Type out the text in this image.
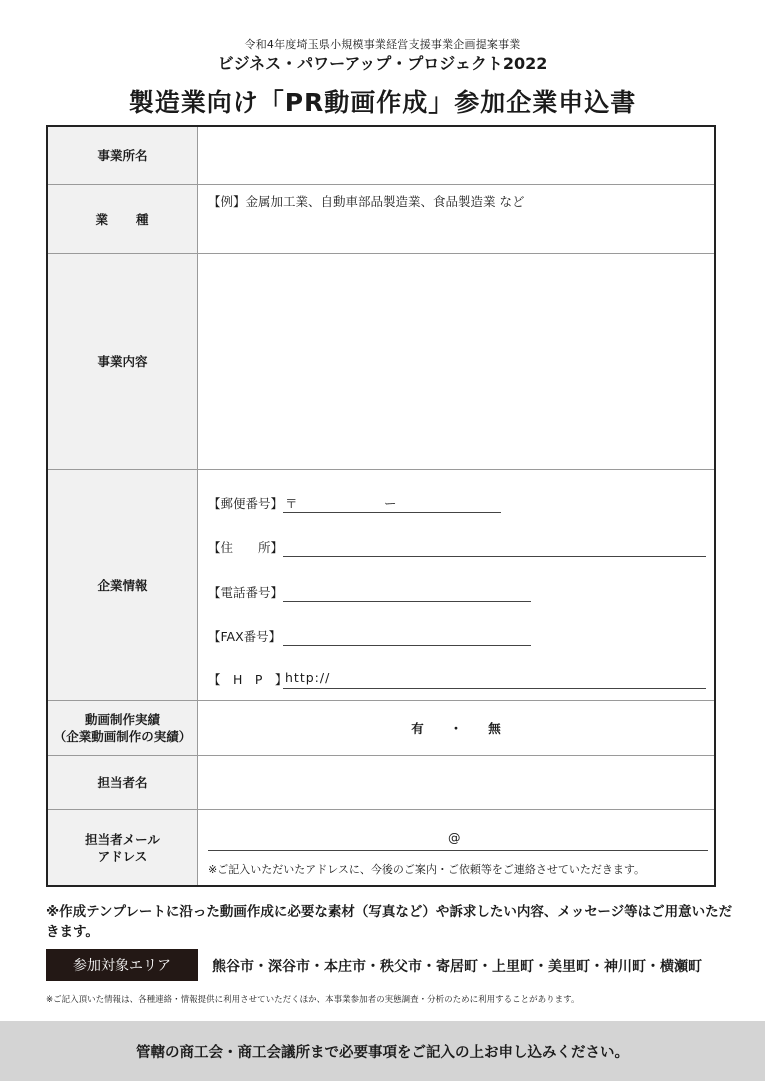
令和4年度埼玉県小規模事業経営支援事業企画提案事業
ビジネス・パワーアップ・プロジェクト2022
製造業向け「PR動画作成」参加企業申込書
事業所名
業　　種
【例】金属加工業、自動車部品製造業、食品製造業 など
事業内容
企業情報
【郵便番号】 〒	ー
【住　　所】
【電話番号】
【FAX番号】
【　H　P　】
http://
動画制作実績
（企業動画制作の実績）
有 ・ 無
担当者名
担当者メール
アドレス
@
※ご記入いただいたアドレスに、今後のご案内・ご依頼等をご連絡させていただきます。
※作成テンプレートに沿った動画作成に必要な素材（写真など）や訴求したい内容、メッセージ等はご用意いただきます。
参加対象エリア	熊谷市・深谷市・本庄市・秩父市・寄居町・上里町・美里町・神川町・横瀬町
※ご記入頂いた情報は、各種連絡・情報提供に利用させていただくほか、本事業参加者の実態調査・分析のために利用することがあります。
管轄の商工会・商工会議所まで必要事項をご記入の上お申し込みください。
